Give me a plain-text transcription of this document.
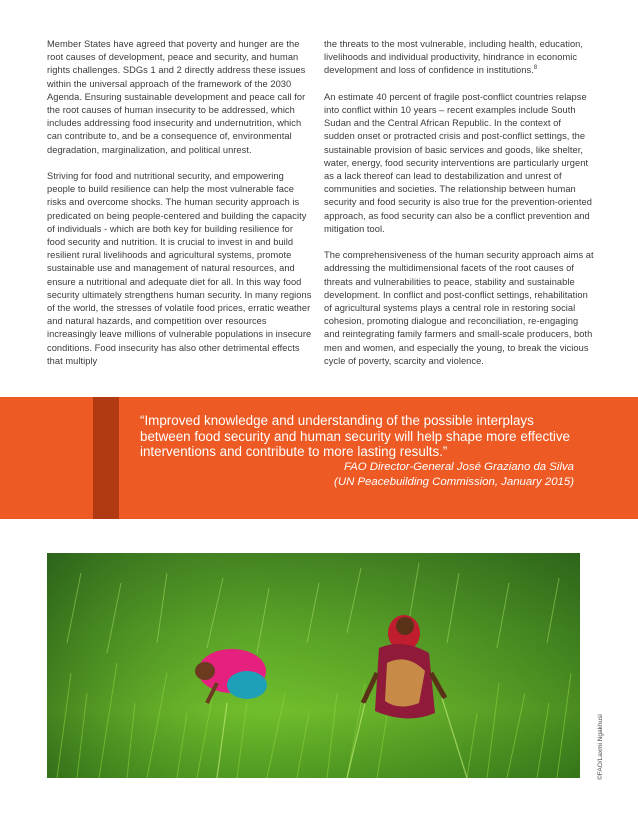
Member States have agreed that poverty and hunger are the root causes of development, peace and security, and human rights challenges. SDGs 1 and 2 directly address these issues within the universal approach of the framework of the 2030 Agenda. Ensuring sustainable development and peace call for the root causes of human insecurity to be addressed, which includes addressing food insecurity and undernutrition, which can contribute to, and be a consequence of, environmental degradation, marginalization, and political unrest.

Striving for food and nutritional security, and empowering people to build resilience can help the most vulnerable face risks and overcome shocks. The human security approach is predicated on being people-centered and building the capacity of individuals - which are both key for building resilience for food security and nutrition. It is crucial to invest in and build resilient rural livelihoods and agricultural systems, promote sustainable use and management of natural resources, and ensure a nutritional and adequate diet for all. In this way food security ultimately strengthens human security. In many regions of the world, the stresses of volatile food prices, erratic weather and natural hazards, and competition over resources increasingly leave millions of vulnerable populations in insecure conditions. Food insecurity has also other detrimental effects that multiply

the threats to the most vulnerable, including health, education, livelihoods and individual productivity, hindrance in economic development and loss of confidence in institutions.$^8$

An estimate 40 percent of fragile post-conflict countries relapse into conflict within 10 years – recent examples include South Sudan and the Central African Republic. In the context of sudden onset or protracted crisis and post-conflict settings, the sustainable provision of basic services and goods, like shelter, water, energy, food security interventions are particularly urgent as a lack thereof can lead to destabilization and unrest of communities and societies. The relationship between human security and food security is also true for the prevention-oriented approach, as food security can also be a conflict prevention and mitigation tool.

The comprehensiveness of the human security approach aims at addressing the multidimensional facets of the root causes of threats and vulnerabilities to peace, stability and sustainable development. In conflict and post-conflict settings, rehabilitation of agricultural systems plays a central role in restoring social cohesion, promoting dialogue and reconciliation, re-engaging and reintegrating family farmers and small-scale producers, both men and women, and especially the young, to break the vicious cycle of poverty, scarcity and violence.

“Improved knowledge and understanding of the possible interplays between food security and human security will help shape more effective interventions and contribute to more lasting results.”
FAO Director-General José Graziano da Silva
(UN Peacebuilding Commission, January 2015)
©FAO/Laxmi Ngakhusi
